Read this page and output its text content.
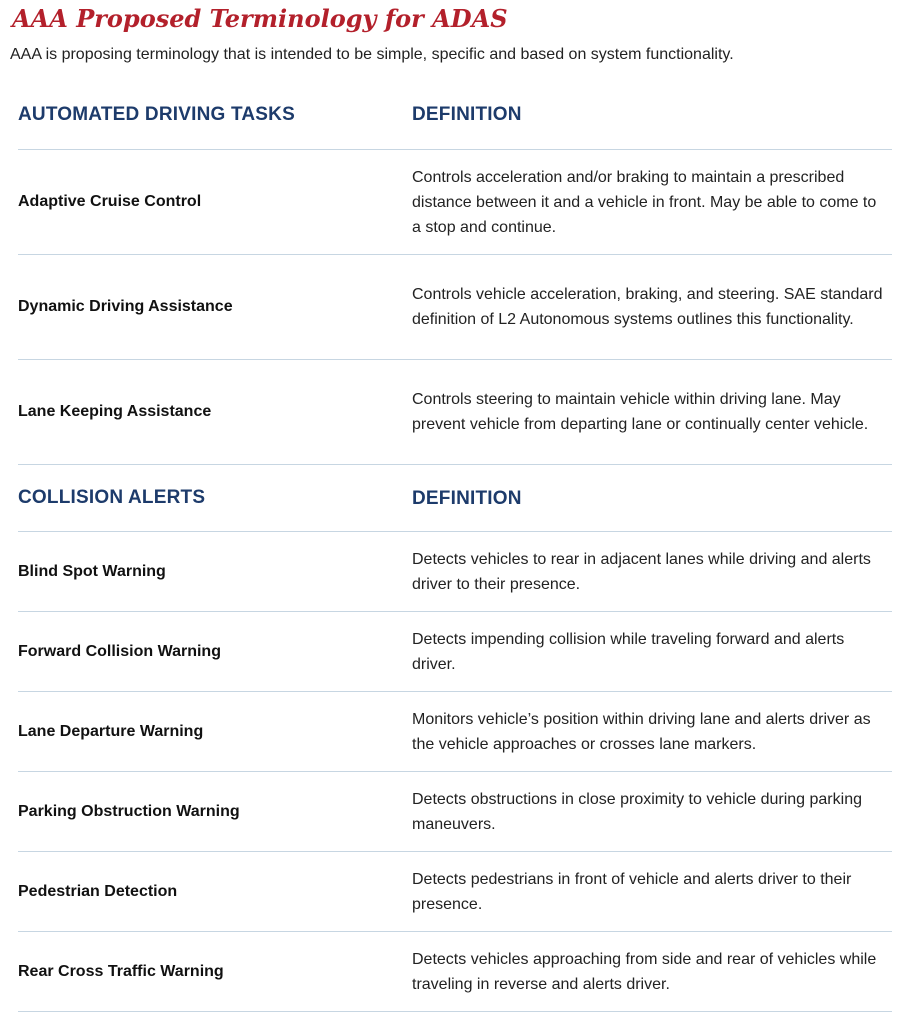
AAA Proposed Terminology for ADAS
AAA is proposing terminology that is intended to be simple, specific and based on system functionality.
AUTOMATED DRIVING TASKS	DEFINITION
Adaptive Cruise Control
Controls acceleration and/or braking to maintain a prescribed distance between it and a vehicle in front. May be able to come to a stop and continue.
Dynamic Driving Assistance
Controls vehicle acceleration, braking, and steering. SAE standard definition of L2 Autonomous systems outlines this functionality.
Lane Keeping Assistance
Controls steering to maintain vehicle within driving lane. May prevent vehicle from departing lane or continually center vehicle.
COLLISION ALERTS	DEFINITION
Blind Spot Warning
Detects vehicles to rear in adjacent lanes while driving and alerts driver to their presence.
Forward Collision Warning
Detects impending collision while traveling forward and alerts driver.
Lane Departure Warning
Monitors vehicle’s position within driving lane and alerts driver as the vehicle approaches or crosses lane markers.
Parking Obstruction Warning
Detects obstructions in close proximity to vehicle during parking maneuvers.
Pedestrian Detection
Detects pedestrians in front of vehicle and alerts driver to their presence.
Rear Cross Traffic Warning
Detects vehicles approaching from side and rear of vehicles while traveling in reverse and alerts driver.
